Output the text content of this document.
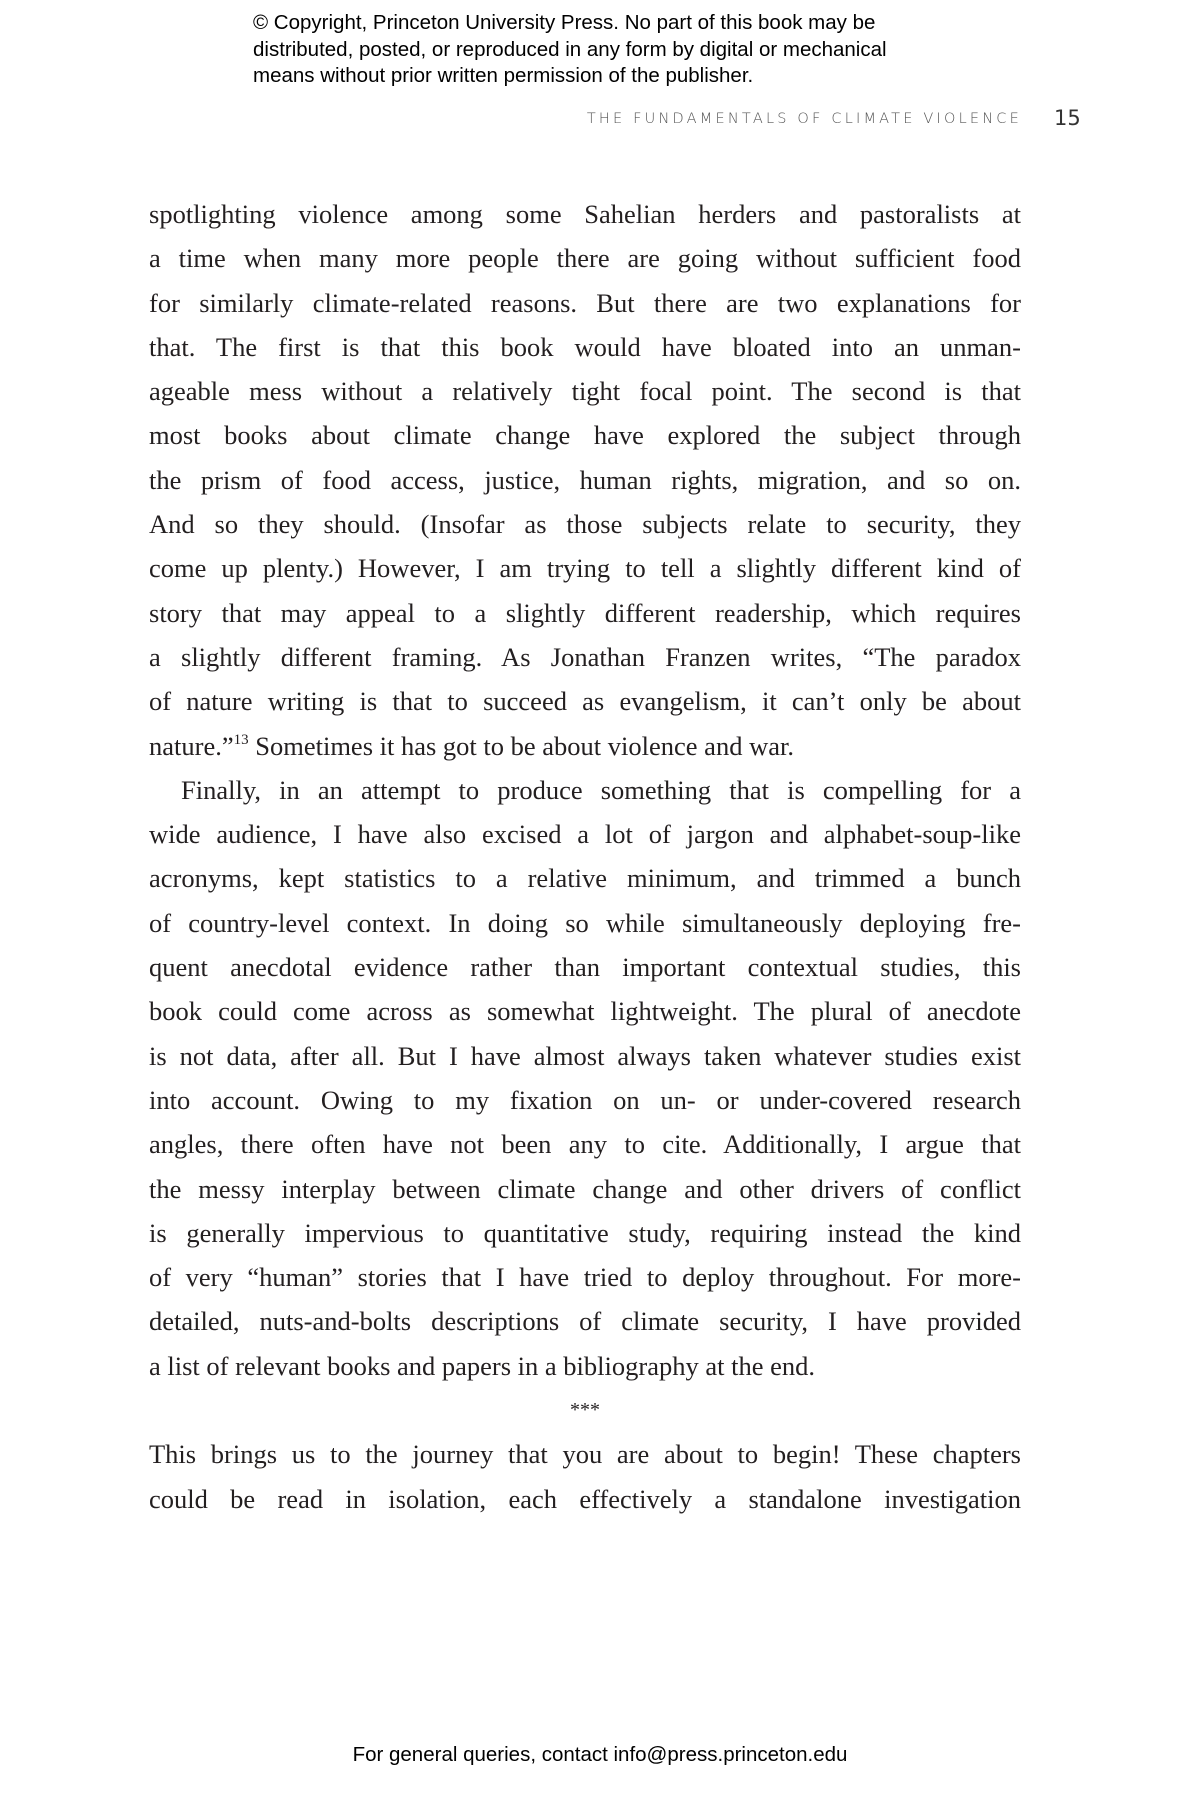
© Copyright, Princeton University Press. No part of this book may be
distributed, posted, or reproduced in any form by digital or mechanical
means without prior written permission of the publisher.
THE FUNDAMENTALS OF CLIMATE VIOLENCE 15
spotlighting violence among some Sahelian herders and pastoralists at
a time when many more people there are going without sufficient food
for similarly climate-related reasons. But there are two explanations for
that. The first is that this book would have bloated into an unman-
ageable mess without a relatively tight focal point. The second is that
most books about climate change have explored the subject through
the prism of food access, justice, human rights, migration, and so on.
And so they should. (Insofar as those subjects relate to security, they
come up plenty.) However, I am trying to tell a slightly different kind of
story that may appeal to a slightly different readership, which requires
a slightly different framing. As Jonathan Franzen writes, “The paradox
of nature writing is that to succeed as evangelism, it can’t only be about
nature.”$^{13}$ Sometimes it has got to be about violence and war.
Finally, in an attempt to produce something that is compelling for a
wide audience, I have also excised a lot of jargon and alphabet-soup-like
acronyms, kept statistics to a relative minimum, and trimmed a bunch
of country-level context. In doing so while simultaneously deploying fre-
quent anecdotal evidence rather than important contextual studies, this
book could come across as somewhat lightweight. The plural of anecdote
is not data, after all. But I have almost always taken whatever studies exist
into account. Owing to my fixation on un- or under-covered research
angles, there often have not been any to cite. Additionally, I argue that
the messy interplay between climate change and other drivers of conflict
is generally impervious to quantitative study, requiring instead the kind
of very “human” stories that I have tried to deploy throughout. For more-
detailed, nuts-and-bolts descriptions of climate security, I have provided
a list of relevant books and papers in a bibliography at the end.
***
This brings us to the journey that you are about to begin! These chapters
could be read in isolation, each effectively a standalone investigation
For general queries, contact info@press.princeton.edu
